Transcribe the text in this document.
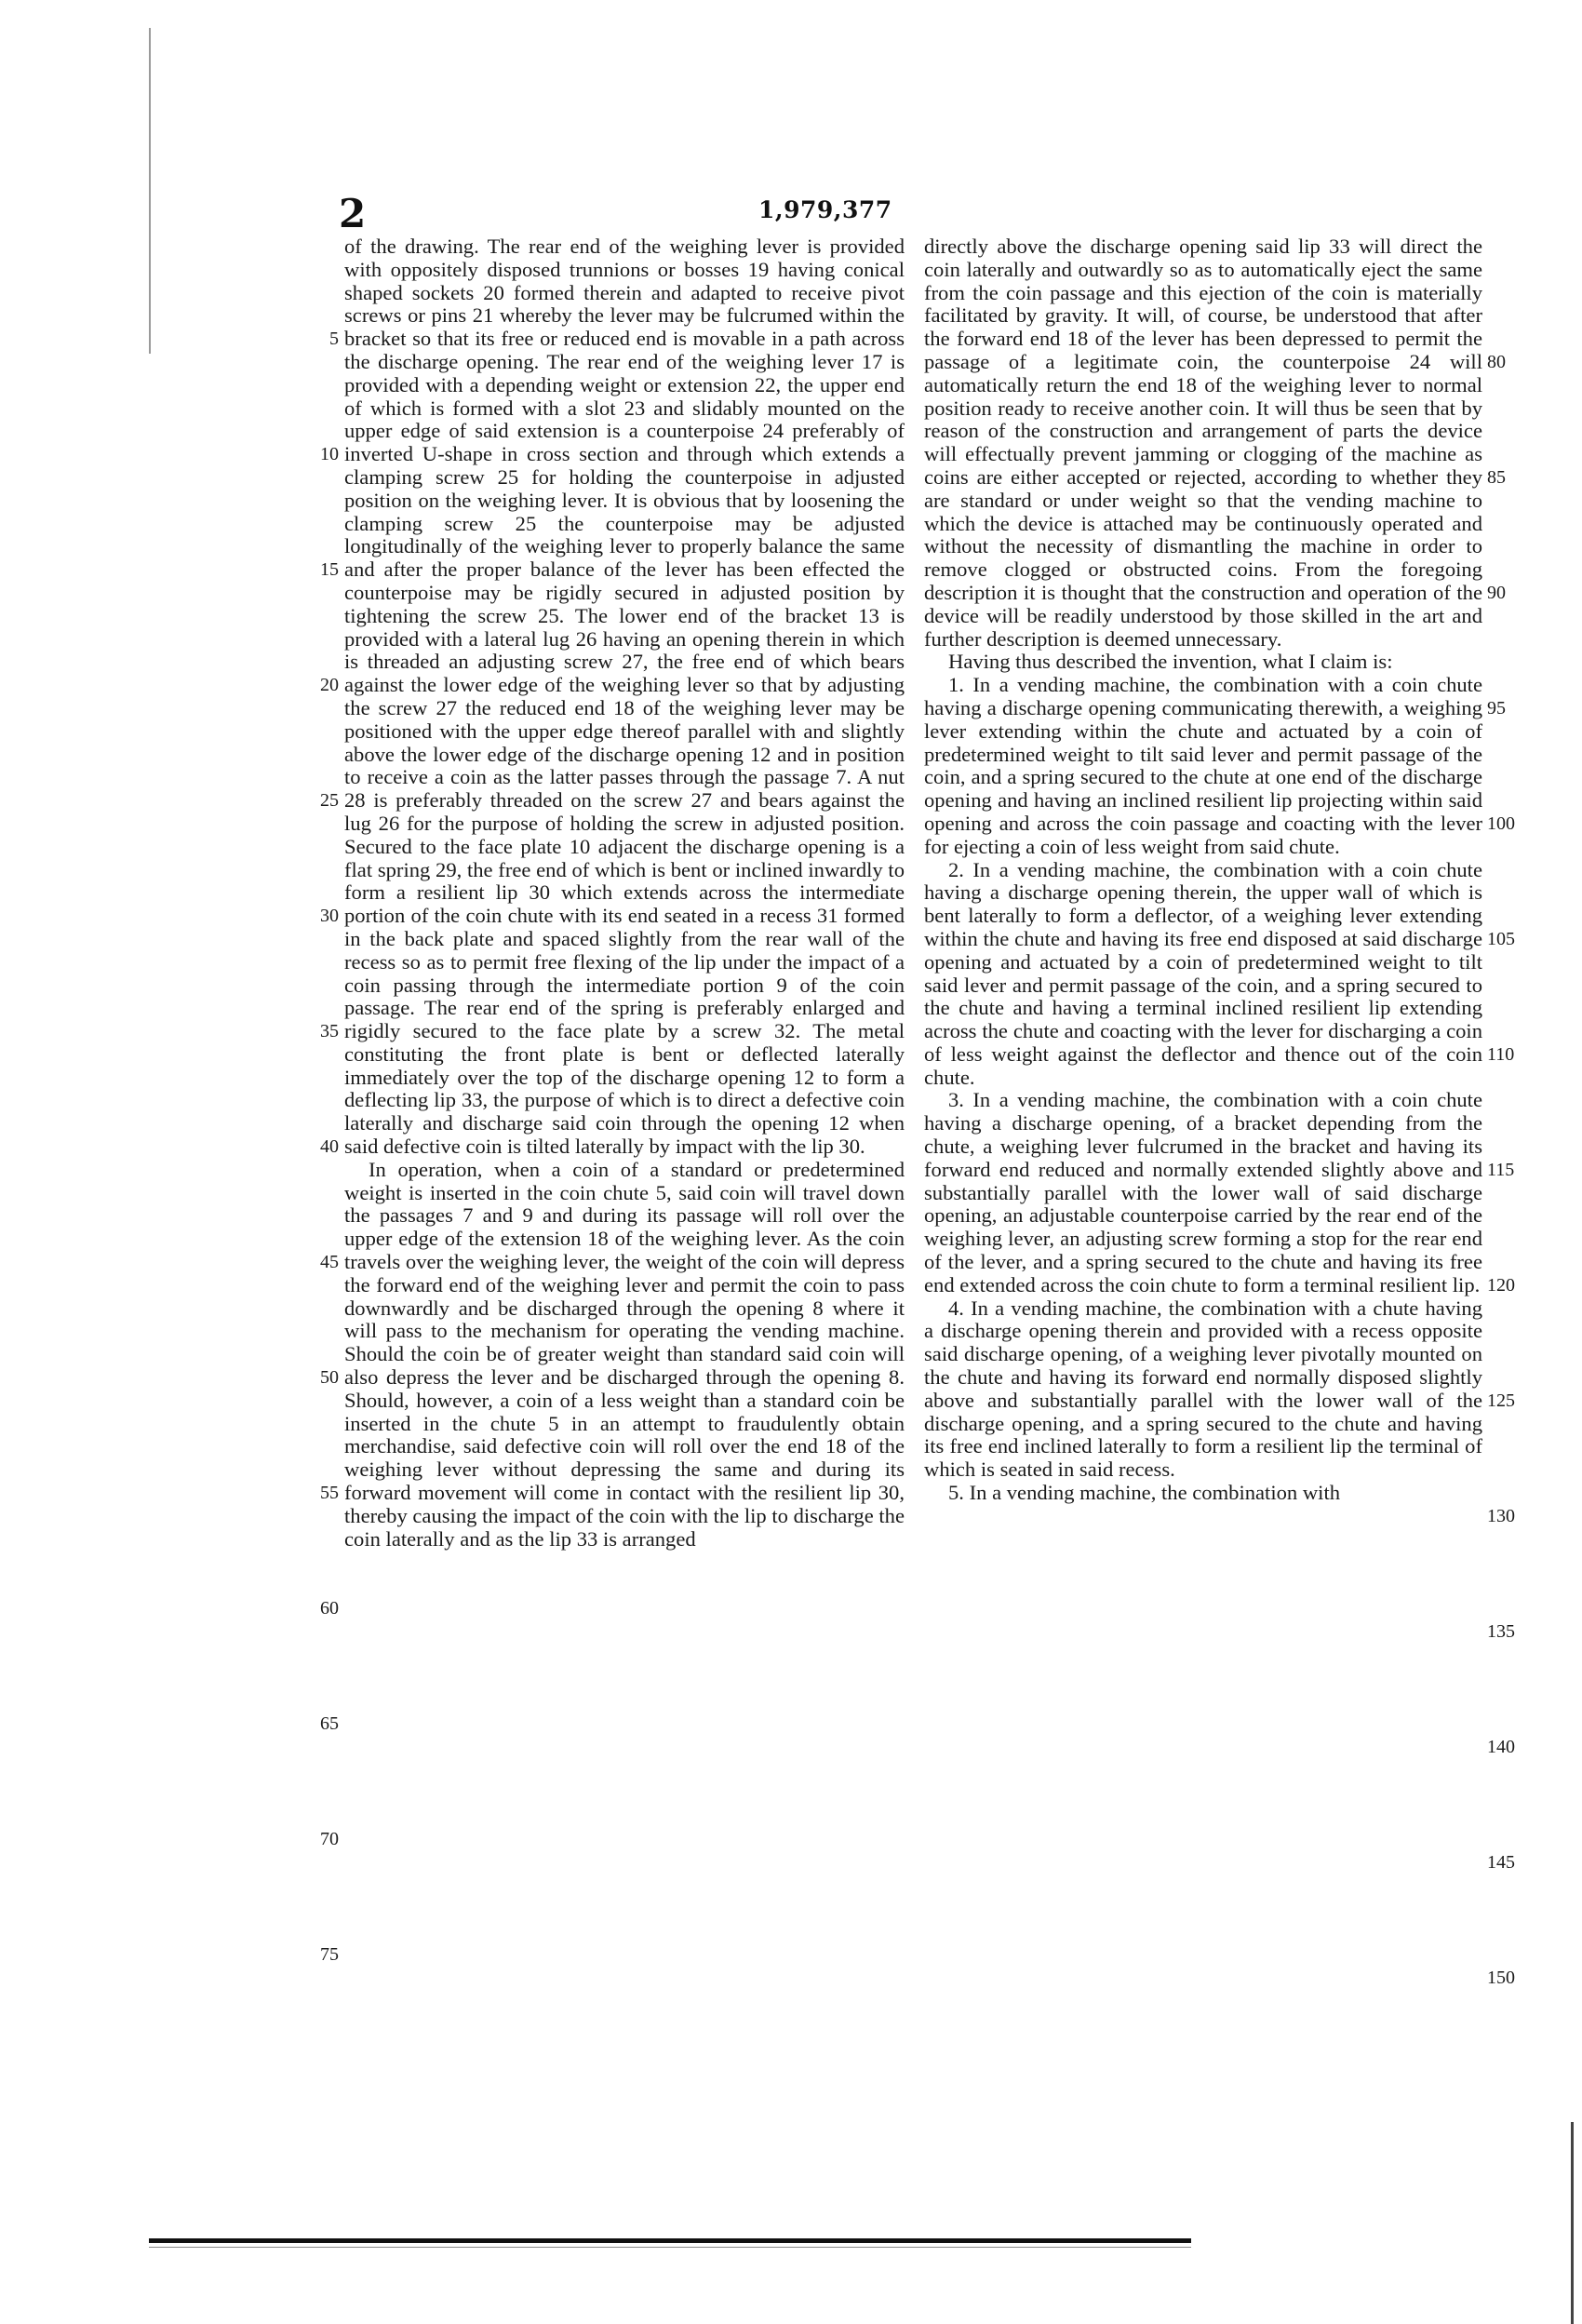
2	1,979,377
5
10
15
20
25
30
35
40
45
50
55
60
65
70
75

of the drawing. The rear end of the weighing lever is provided with oppositely disposed trunnions or bosses 19 having conical shaped sockets 20 formed therein and adapted to receive pivot screws or pins 21 whereby the lever may be fulcrumed within the bracket so that its free or reduced end is movable in a path across the discharge opening. The rear end of the weighing lever 17 is provided with a depending weight or extension 22, the upper end of which is formed with a slot 23 and slidably mounted on the upper edge of said extension is a counterpoise 24 preferably of inverted U-shape in cross section and through which extends a clamping screw 25 for holding the counterpoise in adjusted position on the weighing lever. It is obvious that by loosening the clamping screw 25 the counterpoise may be adjusted longitudinally of the weighing lever to properly balance the same and after the proper balance of the lever has been effected the counterpoise may be rigidly secured in adjusted position by tightening the screw 25. The lower end of the bracket 13 is provided with a lateral lug 26 having an opening therein in which is threaded an adjusting screw 27, the free end of which bears against the lower edge of the weighing lever so that by adjusting the screw 27 the reduced end 18 of the weighing lever may be positioned with the upper edge thereof parallel with and slightly above the lower edge of the discharge opening 12 and in position to receive a coin as the latter passes through the passage 7. A nut 28 is preferably threaded on the screw 27 and bears against the lug 26 for the purpose of holding the screw in adjusted position. Secured to the face plate 10 adjacent the discharge opening is a flat spring 29, the free end of which is bent or inclined inwardly to form a resilient lip 30 which extends across the intermediate portion of the coin chute with its end seated in a recess 31 formed in the back plate and spaced slightly from the rear wall of the recess so as to permit free flexing of the lip under the impact of a coin passing through the intermediate portion 9 of the coin passage. The rear end of the spring is preferably enlarged and rigidly secured to the face plate by a screw 32. The metal constituting the front plate is bent or deflected laterally immediately over the top of the discharge opening 12 to form a deflecting lip 33, the purpose of which is to direct a defective coin laterally and discharge said coin through the opening 12 when said defective coin is tilted laterally by impact with the lip 30.

In operation, when a coin of a standard or predetermined weight is inserted in the coin chute 5, said coin will travel down the passages 7 and 9 and during its passage will roll over the upper edge of the extension 18 of the weighing lever. As the coin travels over the weighing lever, the weight of the coin will depress the forward end of the weighing lever and permit the coin to pass downwardly and be discharged through the opening 8 where it will pass to the mechanism for operating the vending machine. Should the coin be of greater weight than standard said coin will also depress the lever and be discharged through the opening 8. Should, however, a coin of a less weight than a standard coin be inserted in the chute 5 in an attempt to fraudulently obtain merchandise, said defective coin will roll over the end 18 of the weighing lever without depressing the same and during its forward movement will come in contact with the resilient lip 30, thereby causing the impact of the coin with the lip to discharge the coin laterally and as the lip 33 is arranged

directly above the discharge opening said lip 33 will direct the coin laterally and outwardly so as to automatically eject the same from the coin passage and this ejection of the coin is materially facilitated by gravity. It will, of course, be understood that after the forward end 18 of the lever has been depressed to permit the passage of a legitimate coin, the counterpoise 24 will automatically return the end 18 of the weighing lever to normal position ready to receive another coin. It will thus be seen that by reason of the construction and arrangement of parts the device will effectually prevent jamming or clogging of the machine as coins are either accepted or rejected, according to whether they are standard or under weight so that the vending machine to which the device is attached may be continuously operated and without the necessity of dismantling the machine in order to remove clogged or obstructed coins. From the foregoing description it is thought that the construction and operation of the device will be readily understood by those skilled in the art and further description is deemed unnecessary.

Having thus described the invention, what I claim is:

1. In a vending machine, the combination with a coin chute having a discharge opening communicating therewith, a weighing lever extending within the chute and actuated by a coin of predetermined weight to tilt said lever and permit passage of the coin, and a spring secured to the chute at one end of the discharge opening and having an inclined resilient lip projecting within said opening and across the coin passage and coacting with the lever for ejecting a coin of less weight from said chute.

2. In a vending machine, the combination with a coin chute having a discharge opening therein, the upper wall of which is bent laterally to form a deflector, of a weighing lever extending within the chute and having its free end disposed at said discharge opening and actuated by a coin of predetermined weight to tilt said lever and permit passage of the coin, and a spring secured to the chute and having a terminal inclined resilient lip extending across the chute and coacting with the lever for discharging a coin of less weight against the deflector and thence out of the coin chute.

3. In a vending machine, the combination with a coin chute having a discharge opening, of a bracket depending from the chute, a weighing lever fulcrumed in the bracket and having its forward end reduced and normally extended slightly above and substantially parallel with the lower wall of said discharge opening, an adjustable counterpoise carried by the rear end of the weighing lever, an adjusting screw forming a stop for the rear end of the lever, and a spring secured to the chute and having its free end extended across the coin chute to form a terminal resilient lip.

4. In a vending machine, the combination with a chute having a discharge opening therein and provided with a recess opposite said discharge opening, of a weighing lever pivotally mounted on the chute and having its forward end normally disposed slightly above and substantially parallel with the lower wall of the discharge opening, and a spring secured to the chute and having its free end inclined laterally to form a resilient lip the terminal of which is seated in said recess.

5. In a vending machine, the combination with

80
85
90
95
100
105
110
115
120
125
130
135
140
145
150
